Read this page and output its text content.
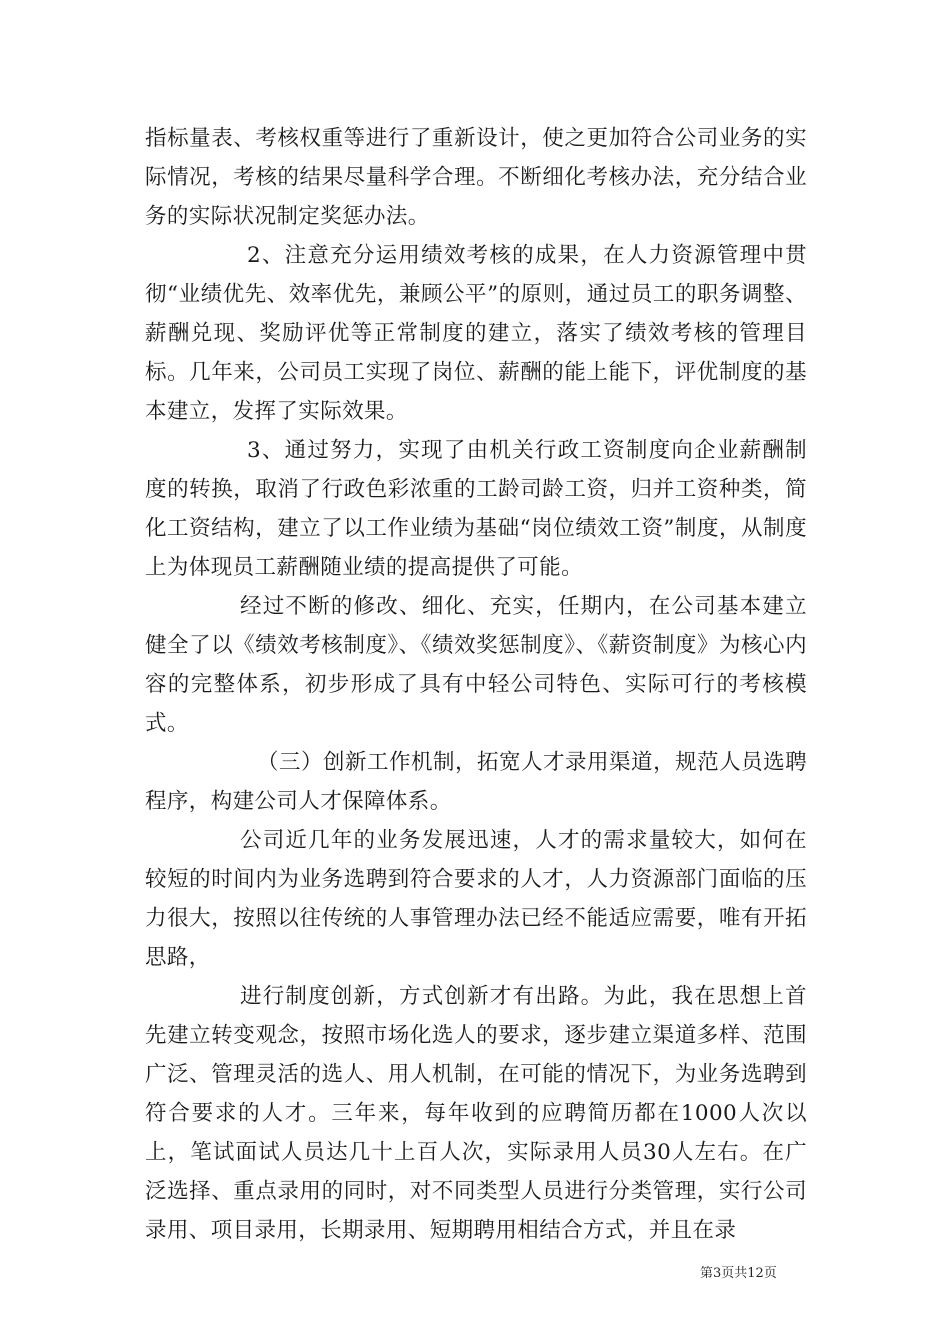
指标量表、考核权重等进行了重新设计，使之更加符合公司业务的实际情况，考核的结果尽量科学合理。不断细化考核办法，充分结合业务的实际状况制定奖惩办法。

2、注意充分运用绩效考核的成果，在人力资源管理中贯彻“业绩优先、效率优先，兼顾公平”的原则，通过员工的职务调整、薪酬兑现、奖励评优等正常制度的建立，落实了绩效考核的管理目标。几年来，公司员工实现了岗位、薪酬的能上能下，评优制度的基本建立，发挥了实际效果。

3、通过努力，实现了由机关行政工资制度向企业薪酬制度的转换，取消了行政色彩浓重的工龄司龄工资，归并工资种类，简化工资结构，建立了以工作业绩为基础“岗位绩效工资”制度，从制度上为体现员工薪酬随业绩的提高提供了可能。

经过不断的修改、细化、充实，任期内，在公司基本建立健全了以《绩效考核制度》、《绩效奖惩制度》、《薪资制度》为核心内容的完整体系，初步形成了具有中轻公司特色、实际可行的考核模式。

（三）创新工作机制，拓宽人才录用渠道，规范人员选聘程序，构建公司人才保障体系。

公司近几年的业务发展迅速，人才的需求量较大，如何在较短的时间内为业务选聘到符合要求的人才，人力资源部门面临的压力很大，按照以往传统的人事管理办法已经不能适应需要，唯有开拓思路，

进行制度创新，方式创新才有出路。为此，我在思想上首先建立转变观念，按照市场化选人的要求，逐步建立渠道多样、范围广泛、管理灵活的选人、用人机制，在可能的情况下，为业务选聘到符合要求的人才。三年来，每年收到的应聘简历都在1000人次以上，笔试面试人员达几十上百人次，实际录用人员30人左右。在广泛选择、重点录用的同时，对不同类型人员进行分类管理，实行公司录用、项目录用，长期录用、短期聘用相结合方式，并且在录

第3页共12页
